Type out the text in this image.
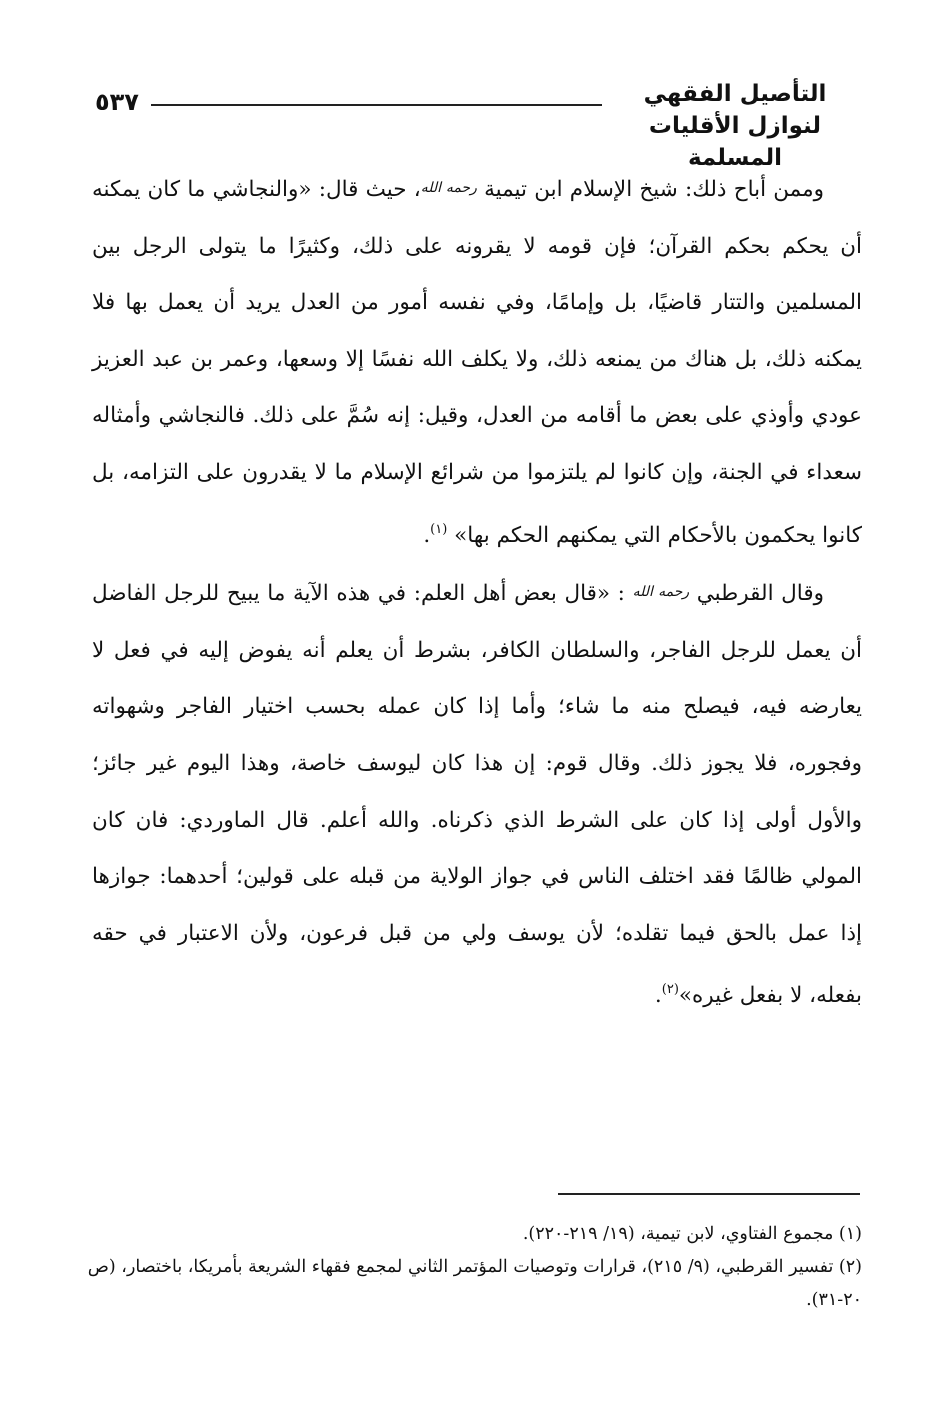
التأصيل الفقهي
لنوازل الأقليات المسلمة
٥٣٧

وممن أباح ذلك: شيخ الإسلام ابن تيمية رحمه الله، حيث قال: «والنجاشي ما كان يمكنه أن يحكم بحكم القرآن؛ فإن قومه لا يقرونه على ذلك، وكثيرًا ما يتولى الرجل بين المسلمين والتتار قاضيًا، بل وإمامًا، وفي نفسه أمور من العدل يريد أن يعمل بها فلا يمكنه ذلك، بل هناك من يمنعه ذلك، ولا يكلف الله نفسًا إلا وسعها، وعمر بن عبد العزيز عودي وأوذي على بعض ما أقامه من العدل، وقيل: إنه سُمَّ على ذلك. فالنجاشي وأمثاله سعداء في الجنة، وإن كانوا لم يلتزموا من شرائع الإسلام ما لا يقدرون على التزامه، بل كانوا يحكمون بالأحكام التي يمكنهم الحكم بها» $^{(١)}$.

وقال القرطبي رحمه الله : «قال بعض أهل العلم: في هذه الآية ما يبيح للرجل الفاضل أن يعمل للرجل الفاجر، والسلطان الكافر، بشرط أن يعلم أنه يفوض إليه في فعل لا يعارضه فيه، فيصلح منه ما شاء؛ وأما إذا كان عمله بحسب اختيار الفاجر وشهواته وفجوره، فلا يجوز ذلك. وقال قوم: إن هذا كان ليوسف خاصة، وهذا اليوم غير جائز؛ والأول أولى إذا كان على الشرط الذي ذكرناه. والله أعلم. قال الماوردي: فان كان المولي ظالمًا فقد اختلف الناس في جواز الولاية من قبله على قولين؛ أحدهما: جوازها إذا عمل بالحق فيما تقلده؛ لأن يوسف ولي من قبل فرعون، ولأن الاعتبار في حقه بفعله، لا بفعل غيره»$^{(٢)}$.

(١) مجموع الفتاوي، لابن تيمية، (١٩/ ٢١٩-٢٢٠).

(٢) تفسير القرطبي، (٩/ ٢١٥)، قرارات وتوصيات المؤتمر الثاني لمجمع فقهاء الشريعة بأمريكا، باختصار، (ص ٢٠-٣١).
